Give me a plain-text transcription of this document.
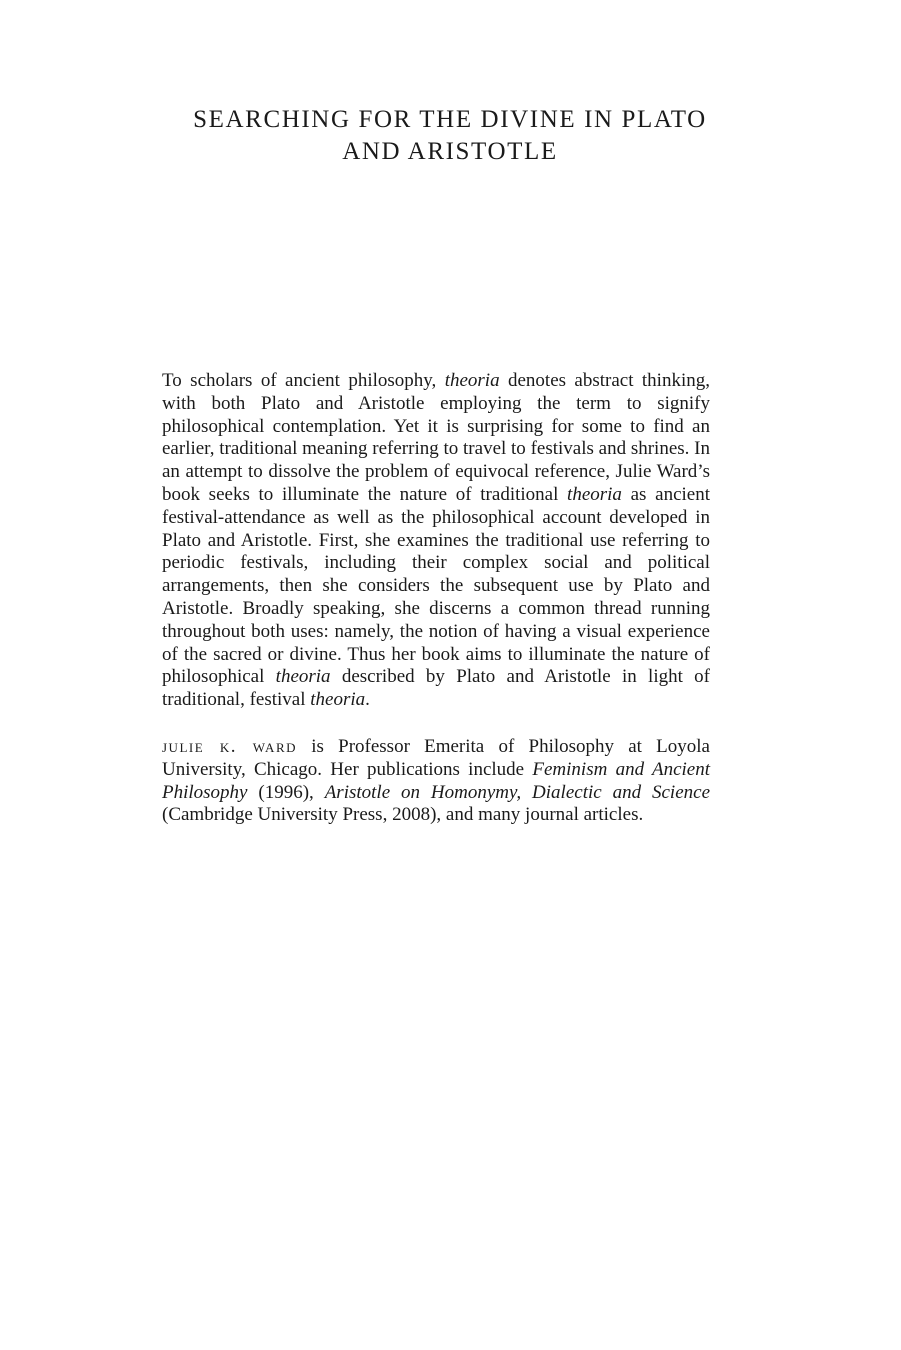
SEARCHING FOR THE DIVINE IN PLATO
AND ARISTOTLE

To scholars of ancient philosophy, theoria denotes abstract thinking, with both Plato and Aristotle employing the term to signify philosophical contemplation. Yet it is surprising for some to find an earlier, traditional meaning referring to travel to festivals and shrines. In an attempt to dissolve the problem of equivocal reference, Julie Ward’s book seeks to illuminate the nature of traditional theoria as ancient festival-attendance as well as the philosophical account developed in Plato and Aristotle. First, she examines the traditional use referring to periodic festivals, including their complex social and political arrangements, then she considers the subsequent use by Plato and Aristotle. Broadly speaking, she discerns a common thread running throughout both uses: namely, the notion of having a visual experience of the sacred or divine. Thus her book aims to illuminate the nature of philosophical theoria described by Plato and Aristotle in light of traditional, festival theoria.

julie k. ward is Professor Emerita of Philosophy at Loyola University, Chicago. Her publications include Feminism and Ancient Philosophy (1996), Aristotle on Homonymy, Dialectic and Science (Cambridge University Press, 2008), and many journal articles.
